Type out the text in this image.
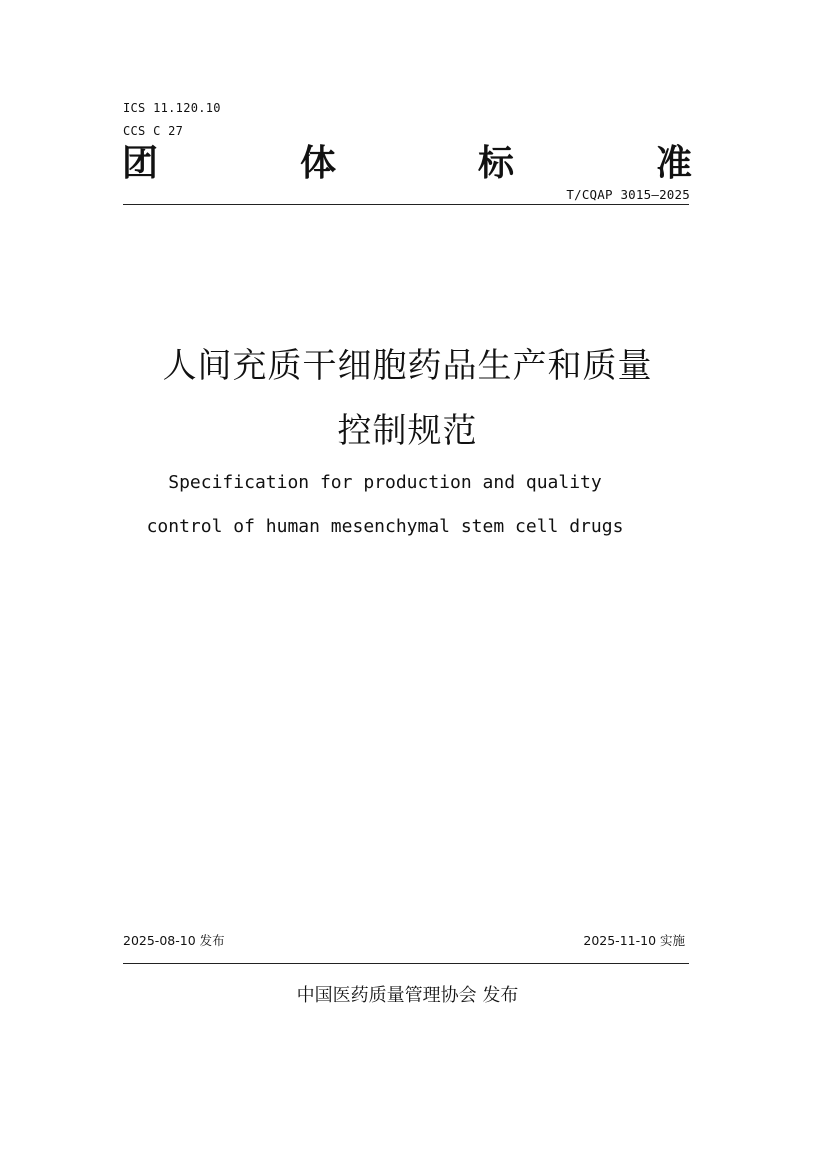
ICS 11.120.10
CCS C 27
团	体	标	准
T/CQAP 3015—2025
人间充质干细胞药品生产和质量
控制规范
Specification for production and quality
control of human mesenchymal stem cell drugs
2025-08-10 发布	2025-11-10 实施
中国医药质量管理协会 发布
